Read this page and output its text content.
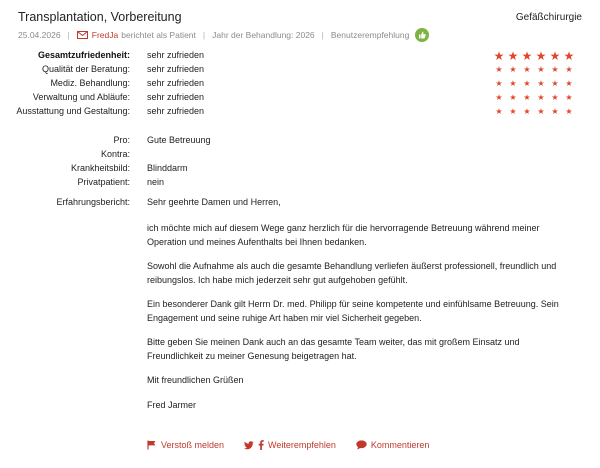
Transplantation, Vorbereitung	Gefäßchirurgie
25.04.2026 |	FredJa berichtet als Patient | Jahr der Behandlung: 2026 | Benutzerempfehlung
Gesamtzufriedenheit: sehr zufrieden	★ ★ ★ ★ ★ ★
Qualität der Beratung: sehr zufrieden	★ ★ ★ ★ ★ ★
Mediz. Behandlung: sehr zufrieden	★ ★ ★ ★ ★ ★
Verwaltung und Abläufe: sehr zufrieden	★ ★ ★ ★ ★ ★
Ausstattung und Gestaltung: sehr zufrieden	★ ★ ★ ★ ★ ★
Pro: Gute Betreuung
Kontra:
Krankheitsbild: Blinddarm
Privatpatient: nein
Erfahrungsbericht: Sehr geehrte Damen und Herren,

ich möchte mich auf diesem Wege ganz herzlich für die hervorragende Betreuung während meiner Operation und meines Aufenthalts bei Ihnen bedanken.

Sowohl die Aufnahme als auch die gesamte Behandlung verliefen äußerst professionell, freundlich und reibungslos. Ich habe mich jederzeit sehr gut aufgehoben gefühlt.

Ein besonderer Dank gilt Herrn Dr. med. Philipp für seine kompetente und einfühlsame Betreuung. Sein Engagement und seine ruhige Art haben mir viel Sicherheit gegeben.

Bitte geben Sie meinen Dank auch an das gesamte Team weiter, das mit großem Einsatz und Freundlichkeit zu meiner Genesung beigetragen hat.

Mit freundlichen Grüßen

Fred Jarmer

Verstoß melden	Weiterempfehlen	Kommentieren
